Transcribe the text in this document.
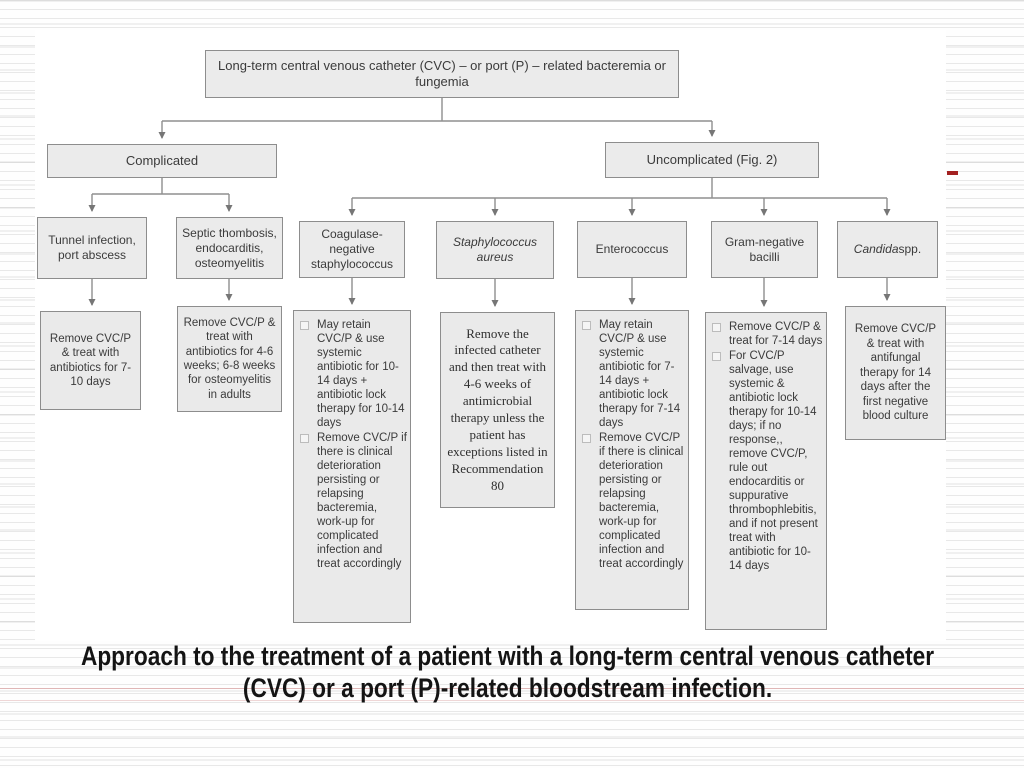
Long-term central venous catheter (CVC) – or port (P) – related bacteremia or fungemia
Complicated	Uncomplicated (Fig. 2)
Tunnel infection, port abscess
Septic thombosis, endocarditis, osteomyelitis
Coagulase-negative staphylococcus
Staphylococcus aureus
Enterococcus
Gram-negative bacilli
Candida spp.
Remove CVC/P & treat with antibiotics for 7-10 days
Remove CVC/P & treat with antibiotics for 4-6 weeks; 6-8 weeks for osteomyelitis in adults
May retain CVC/P & use systemic antibiotic for 10-14 days + antibiotic lock therapy for 10-14 days
Remove CVC/P if there is clinical deterioration persisting or relapsing bacteremia, work-up for complicated infection and treat accordingly
Remove the infected catheter and then treat with 4-6 weeks of antimicrobial therapy unless the patient has exceptions listed in Recommendation 80
May retain CVC/P & use systemic antibiotic for 7-14 days + antibiotic lock therapy for 7-14 days
Remove CVC/P if there is clinical deterioration persisting or relapsing bacteremia, work-up for complicated infection and treat accordingly
Remove CVC/P & treat for 7-14 days
For CVC/P salvage, use systemic & antibiotic lock therapy for 10-14 days; if no response,, remove CVC/P, rule out endocarditis or suppurative thrombophlebitis, and if not present treat with antibiotic for 10-14 days
Remove CVC/P & treat with antifungal therapy for 14 days after the first negative blood culture
Approach to the treatment of a patient with a long-term central venous catheter (CVC) or a port (P)-related bloodstream infection.
